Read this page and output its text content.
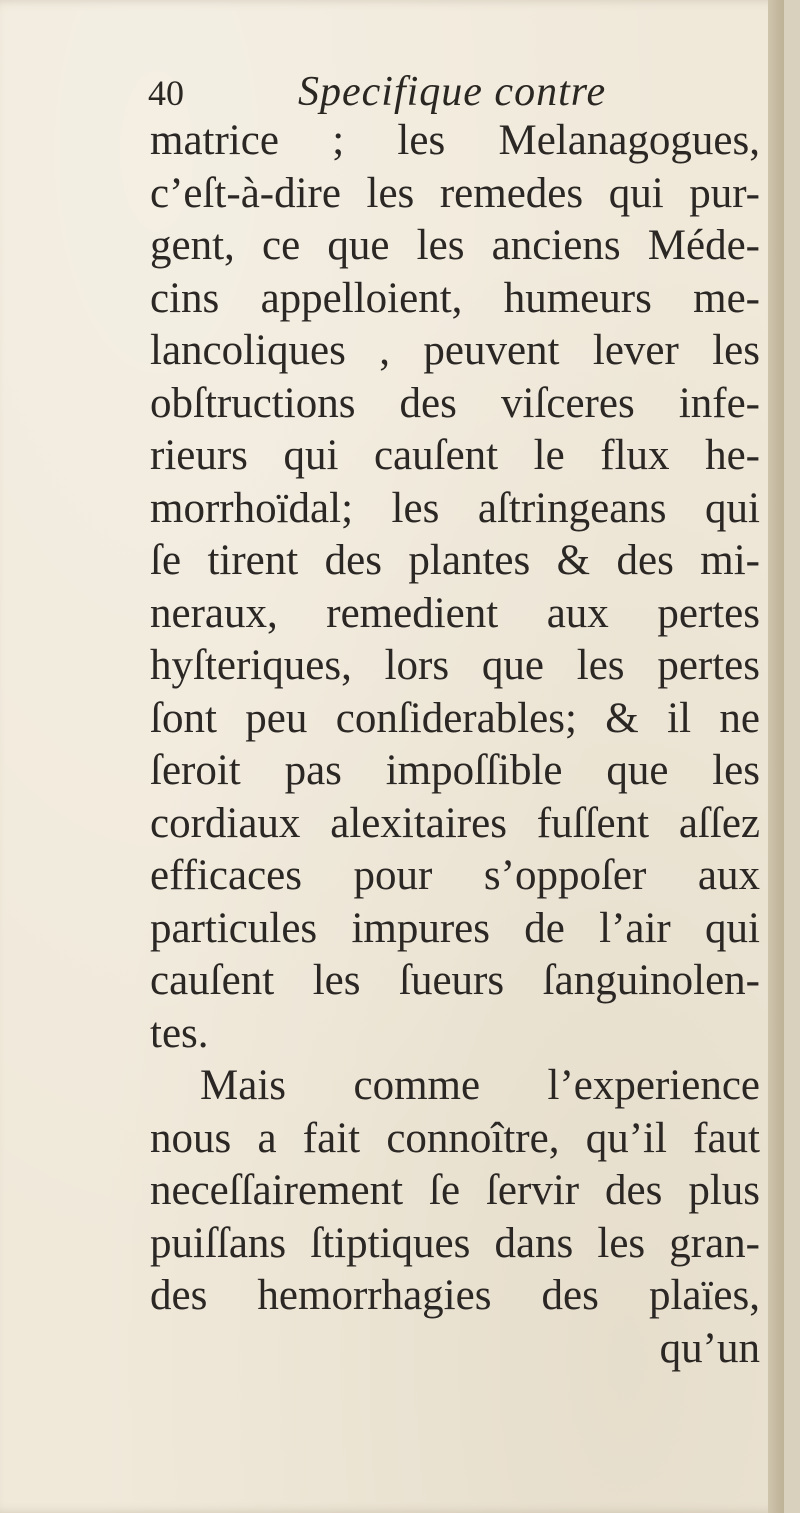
40	Specifique contre
matrice ; les Melanagogues,
c’eſt-à-dire les remedes qui pur-
gent, ce que les anciens Méde-
cins appelloient, humeurs me-
lancoliques , peuvent lever les
obſtructions des viſceres infe-
rieurs qui cauſent le flux he-
morrhoïdal; les aſtringeans qui
ſe tirent des plantes & des mi-
neraux, remedient aux pertes
hyſteriques, lors que les pertes
ſont peu conſiderables; & il ne
ſeroit pas impoſſible que les
cordiaux alexitaires fuſſent aſſez
efficaces pour s’oppoſer aux
particules impures de l’air qui
cauſent les ſueurs ſanguinolen-
tes.
Mais comme l’experience
nous a fait connoître, qu’il faut
neceſſairement ſe ſervir des plus
puiſſans ſtiptiques dans les gran-
des hemorrhagies des plaïes,
qu’un
